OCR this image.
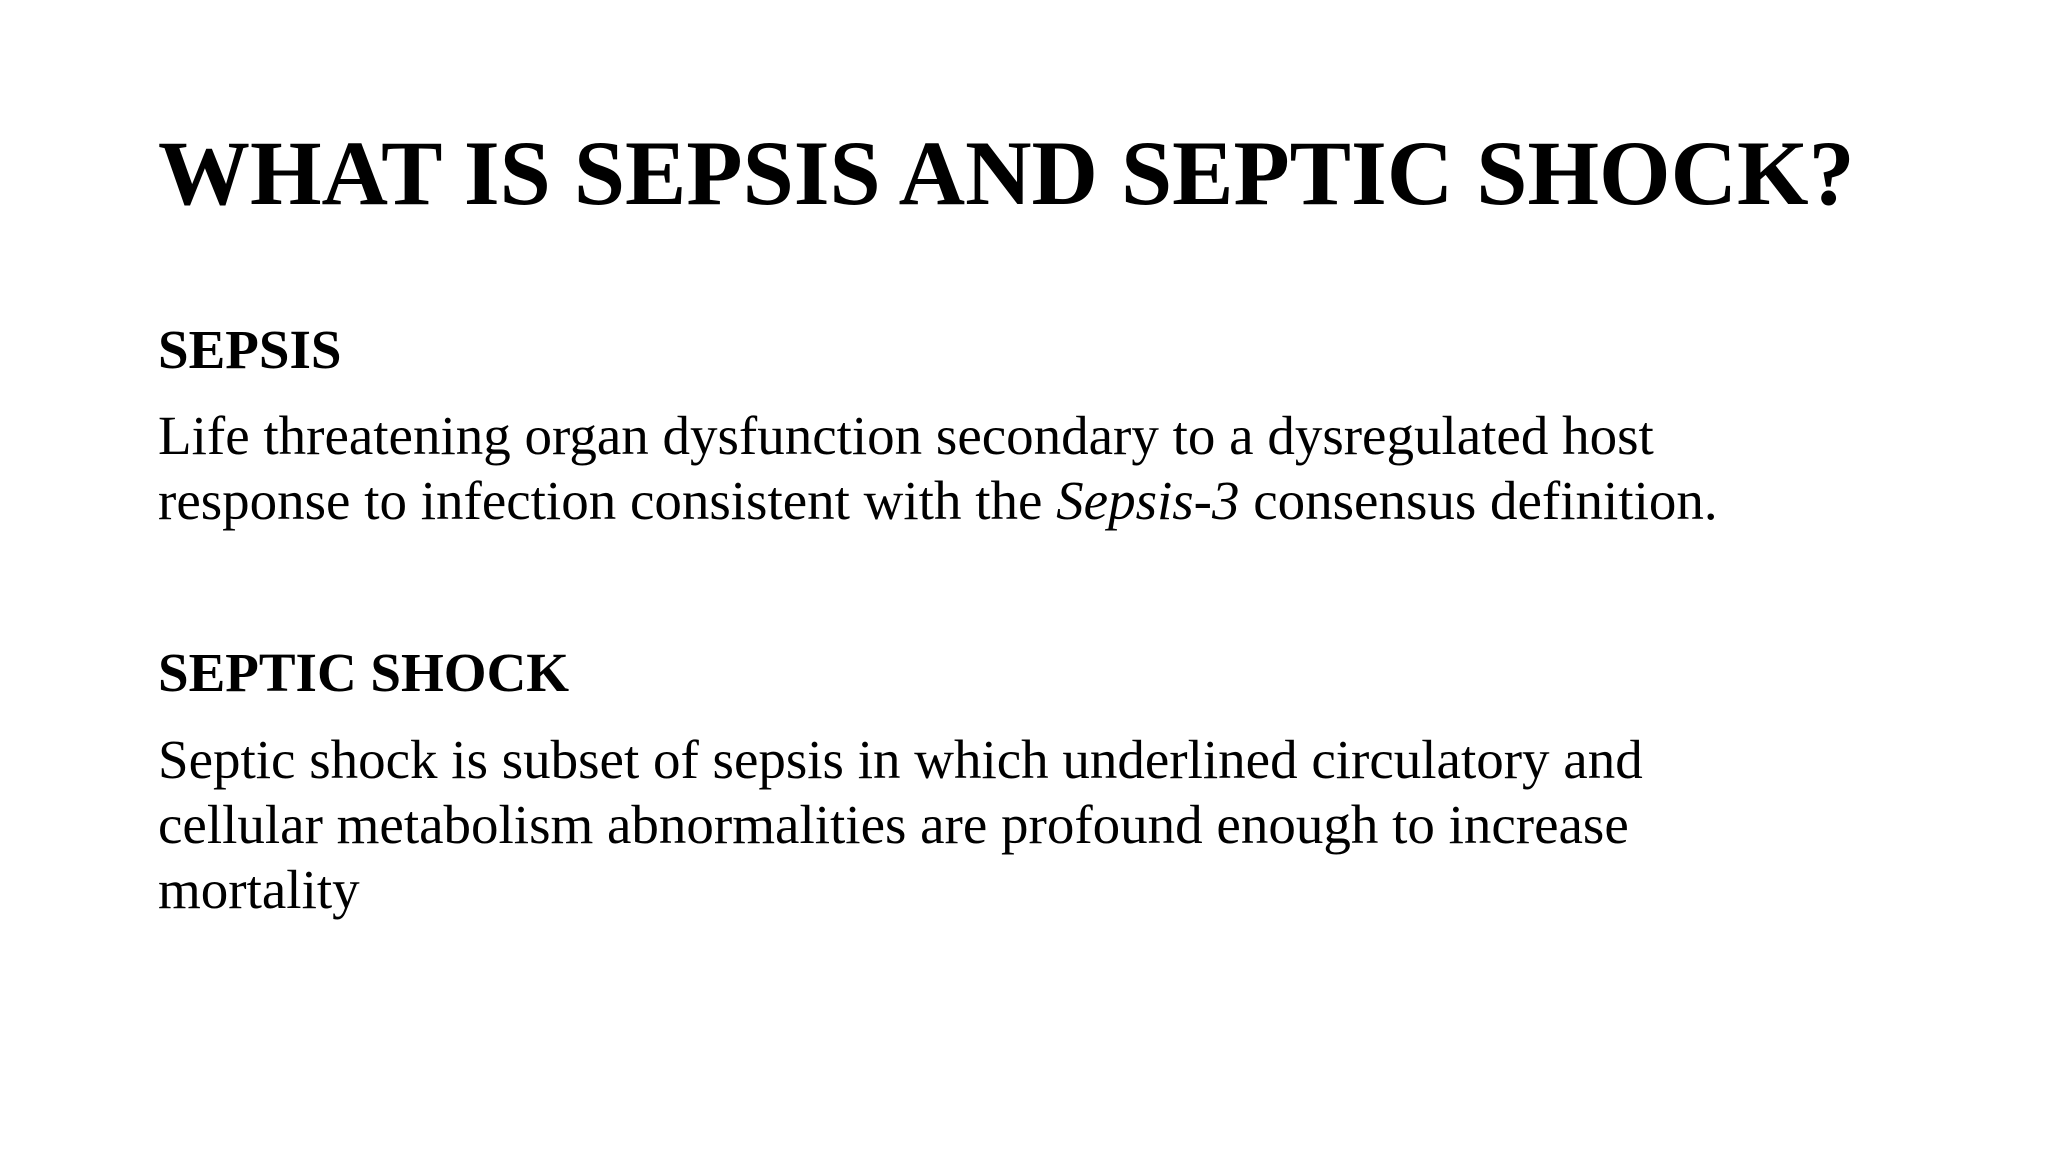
WHAT IS SEPSIS AND SEPTIC SHOCK?
SEPSIS

Life threatening organ dysfunction secondary to a dysregulated host
response to infection consistent with the Sepsis-3 consensus definition.

SEPTIC SHOCK

Septic shock is subset of sepsis in which underlined circulatory and
cellular metabolism abnormalities are profound enough to increase
mortality
